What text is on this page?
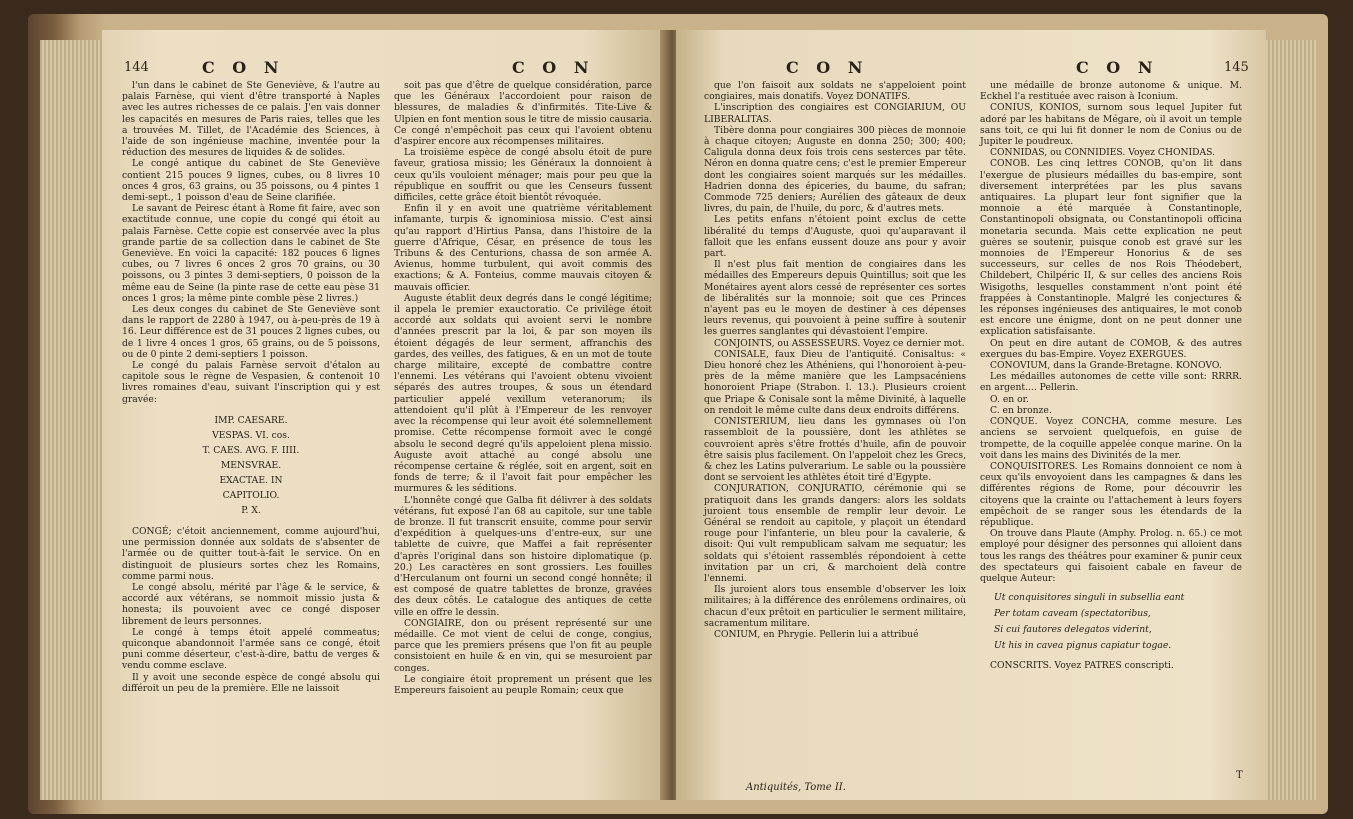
144	C O N	C O N

l'un dans le cabinet de Ste Geneviève, & l'autre au palais Farnèse, qui vient d'être transporté à Naples avec les autres richesses de ce palais. J'en vais donner les capacités en mesures de Paris raies, telles que les a trouvées M. Tillet, de l'Académie des Sciences, à l'aide de son ingénieuse machine, inventée pour la réduction des mesures de liquides & de solides.

Le congé antique du cabinet de Ste Geneviève contient 215 pouces 9 lignes, cubes, ou 8 livres 10 onces 4 gros, 63 grains, ou 35 poissons, ou 4 pintes 1 demi-sept., 1 poisson d'eau de Seine clarifiée.

Le savant de Peiresc étant à Rome fit faire, avec son exactitude connue, une copie du congé qui étoit au palais Farnèse. Cette copie est conservée avec la plus grande partie de sa collection dans le cabinet de Ste Geneviève. En voici la capacité: 182 pouces 6 lignes cubes, ou 7 livres 6 onces 2 gros 70 grains, ou 30 poissons, ou 3 pintes 3 demi-septiers, 0 poisson de la même eau de Seine (la pinte rase de cette eau pèse 31 onces 1 gros; la même pinte comble pèse 2 livres.)

Les deux conges du cabinet de Ste Geneviève sont dans le rapport de 2280 à 1947, ou à-peu-près de 19 à 16. Leur différence est de 31 pouces 2 lignes cubes, ou de 1 livre 4 onces 1 gros, 65 grains, ou de 5 poissons, ou de 0 pinte 2 demi-septiers 1 poisson.

Le congé du palais Farnèse servoit d'étalon au capitole sous le règne de Vespasien, & contenoit 10 livres romaines d'eau, suivant l'inscription qui y est gravée:

IMP. CAESARE.
VESPAS. VI. cos.
T. CAES. AVG. F. IIII.
MENSVRAE.
EXACTAE. IN
CAPITOLIO.
P. X.

CONGÉ; c'étoit anciennement, comme aujourd'hui, une permission donnée aux soldats de s'absenter de l'armée ou de quitter tout-à-fait le service. On en distinguoit de plusieurs sortes chez les Romains, comme parmi nous.

Le congé absolu, mérité par l'âge & le service, & accordé aux vétérans, se nommoit missio justa & honesta; ils pouvoient avec ce congé disposer librement de leurs personnes.

Le congé à temps étoit appelé commeatus; quiconque abandonnoit l'armée sans ce congé, étoit puni comme déserteur, c'est-à-dire, battu de verges & vendu comme esclave.

Il y avoit une seconde espèce de congé absolu qui différoit un peu de la première. Elle ne laissoit

soit pas que d'être de quelque considération, parce que les Généraux l'accordoient pour raison de blessures, de maladies & d'infirmités. Tite-Live & Ulpien en font mention sous le titre de missio causaria. Ce congé n'empêchoit pas ceux qui l'avoient obtenu d'aspirer encore aux récompenses militaires.

La troisième espèce de congé absolu étoit de pure faveur, gratiosa missio; les Généraux la donnoient à ceux qu'ils vouloient ménager; mais pour peu que la république en souffrit ou que les Censeurs fussent difficiles, cette grâce étoit bientôt révoquée.

Enfin il y en avoit une quatrième véritablement infamante, turpis & ignominiosa missio. C'est ainsi qu'au rapport d'Hirtius Pansa, dans l'histoire de la guerre d'Afrique, César, en présence de tous les Tribuns & des Centurions, chassa de son armée A. Avienus, homme turbulent, qui avoit commis des exactions; & A. Fonteius, comme mauvais citoyen & mauvais officier.

Auguste établit deux degrés dans le congé légitime; il appela le premier exauctoratio. Ce privilège étoit accordé aux soldats qui avoient servi le nombre d'années prescrit par la loi, & par son moyen ils étoient dégagés de leur serment, affranchis des gardes, des veilles, des fatigues, & en un mot de toute charge militaire, excepté de combattre contre l'ennemi. Les vétérans qui l'avoient obtenu vivoient séparés des autres troupes, & sous un étendard particulier appelé vexillum veteranorum; ils attendoient qu'il plût à l'Empereur de les renvoyer avec la récompense qui leur avoit été solemnellement promise. Cette récompense formoit avec le congé absolu le second degré qu'ils appeloient plena missio. Auguste avoit attaché au congé absolu une récompense certaine & réglée, soit en argent, soit en fonds de terre; & il l'avoit fait pour empêcher les murmures & les séditions.

L'honnête congé que Galba fit délivrer à des soldats vétérans, fut exposé l'an 68 au capitole, sur une table de bronze. Il fut transcrit ensuite, comme pour servir d'expédition à quelques-uns d'entre-eux, sur une tablette de cuivre, que Maffei a fait représenter d'après l'original dans son histoire diplomatique (p. 20.) Les caractères en sont grossiers. Les fouilles d'Herculanum ont fourni un second congé honnête; il est composé de quatre tablettes de bronze, gravées des deux côtés. Le catalogue des antiques de cette ville en offre le dessin.

CONGIAIRE, don ou présent représenté sur une médaille. Ce mot vient de celui de conge, congius, parce que les premiers présens que l'on fit au peuple consistoient en huile & en vin, qui se mesuroient par conges.

Le congiaire étoit proprement un présent que les Empereurs faisoient au peuple Romain; ceux que

C O N	C O N	145

que l'on faisoit aux soldats ne s'appeloient point congiaires, mais donatifs. Voyez DONATIFS.

L'inscription des congiaires est CONGIARIUM, OU LIBERALITAS.

Tibère donna pour congiaires 300 pièces de monnoie à chaque citoyen; Auguste en donna 250; 300; 400; Caligula donna deux fois trois cens sesterces par tête. Néron en donna quatre cens; c'est le premier Empereur dont les congiaires soient marqués sur les médailles. Hadrien donna des épiceries, du baume, du safran; Commode 725 deniers; Aurélien des gâteaux de deux livres, du pain, de l'huile, du porc, & d'autres mets.

Les petits enfans n'étoient point exclus de cette libéralité du temps d'Auguste, quoi qu'auparavant il falloit que les enfans eussent douze ans pour y avoir part.

Il n'est plus fait mention de congiaires dans les médailles des Empereurs depuis Quintillus; soit que les Monétaires ayent alors cessé de représenter ces sortes de libéralités sur la monnoie; soit que ces Princes n'ayent pas eu le moyen de destiner à ces dépenses leurs revenus, qui pouvoient à peine suffire à soutenir les guerres sanglantes qui dévastoient l'empire.

CONJOINTS, ou ASSESSEURS. Voyez ce dernier mot.

CONISALE, faux Dieu de l'antiquité. Conisaltus: « Dieu honoré chez les Athéniens, qui l'honoroient à-peu-près de la même manière que les Lampsacéniens honoroient Priape (Strabon. l. 13.). Plusieurs croient que Priape & Conisale sont la même Divinité, à laquelle on rendoit le même culte dans deux endroits différens.

CONISTERIUM, lieu dans les gymnases où l'on rassembloit de la poussière, dont les athlètes se couvroient après s'être frottés d'huile, afin de pouvoir être saisis plus facilement. On l'appeloit chez les Grecs, & chez les Latins pulverarium. Le sable ou la poussière dont se servoient les athlètes étoit tiré d'Egypte.

CONJURATION, CONJURATIO, cérémonie qui se pratiquoit dans les grands dangers: alors les soldats juroient tous ensemble de remplir leur devoir. Le Général se rendoit au capitole, y plaçoit un étendard rouge pour l'infanterie, un bleu pour la cavalerie, & disoit: Qui vult rempublicam salvam me sequatur; les soldats qui s'étoient rassemblés répondoient à cette invitation par un cri, & marchoient delà contre l'ennemi.

Ils juroient alors tous ensemble d'observer les loix militaires; à la différence des enrôlemens ordinaires, où chacun d'eux prêtoit en particulier le serment militaire, sacramentum militare.

CONIUM, en Phrygie. Pellerin lui a attribué

Antiquités, Tome II.

une médaille de bronze autonome & unique. M. Eckhel l'a restituée avec raison à Iconium.

CONIUS, KONIOS, surnom sous lequel Jupiter fut adoré par les habitans de Mégare, où il avoit un temple sans toit, ce qui lui fit donner le nom de Conius ou de Jupiter le poudreux.

CONNIDAS, ou CONNIDIES. Voyez CHONIDAS.

CONOB. Les cinq lettres CONOB, qu'on lit dans l'exergue de plusieurs médailles du bas-empire, sont diversement interprétées par les plus savans antiquaires. La plupart leur font signifier que la monnoie a été marquée à Constantinople, Constantinopoli obsignata, ou Constantinopoli officina monetaria secunda. Mais cette explication ne peut guères se soutenir, puisque conob est gravé sur les monnoies de l'Empereur Honorius & de ses successeurs, sur celles de nos Rois Théodebert, Childebert, Chilpéric II, & sur celles des anciens Rois Wisigoths, lesquelles constamment n'ont point été frappées à Constantinople. Malgré les conjectures & les réponses ingénieuses des antiquaires, le mot conob est encore une énigme, dont on ne peut donner une explication satisfaisante.

On peut en dire autant de COMOB, & des autres exergues du bas-Empire. Voyez EXERGUES.

CONOVIUM, dans la Grande-Bretagne. KONOVO.

Les médailles autonomes de cette ville sont: RRRR. en argent.... Pellerin.

O. en or.

C. en bronze.

CONQUE. Voyez CONCHA, comme mesure. Les anciens se servoient quelquefois, en guise de trompette, de la coquille appelée conque marine. On la voit dans les mains des Divinités de la mer.

CONQUISITORES. Les Romains donnoient ce nom à ceux qu'ils envoyoient dans les campagnes & dans les différentes régions de Rome, pour découvrir les citoyens que la crainte ou l'attachement à leurs foyers empêchoit de se ranger sous les étendards de la république.

On trouve dans Plaute (Amphy. Prolog. n. 65.) ce mot employé pour désigner des personnes qui alloient dans tous les rangs des théâtres pour examiner & punir ceux des spectateurs qui faisoient cabale en faveur de quelque Auteur:

Ut conquisitores singuli in subsellia eant
Per totam caveam (spectatoribus,
Si cui fautores delegatos viderint,
Ut his in cavea pignus capiatur togae.

CONSCRITS. Voyez PATRES conscripti.

T
